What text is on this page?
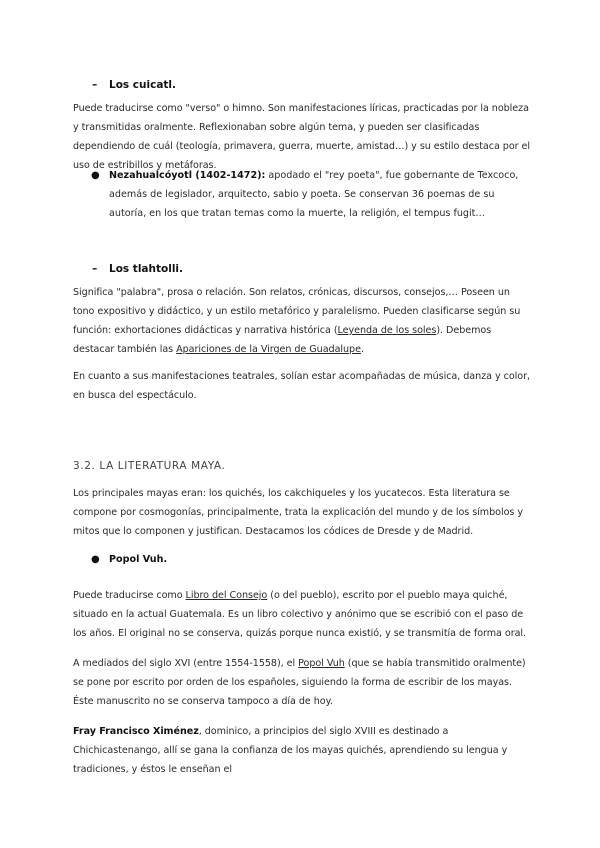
– Los cuicatl.
Puede traducirse como "verso" o himno. Son manifestaciones líricas, practicadas por la nobleza y transmitidas oralmente. Reflexionaban sobre algún tema, y pueden ser clasificadas dependiendo de cuál (teología, primavera, guerra, muerte, amistad…) y su estilo destaca por el uso de estribillos y metáforas.
● Nezahualcóyotl (1402-1472): apodado el "rey poeta", fue gobernante de Texcoco, además de legislador, arquitecto, sabio y poeta. Se conservan 36 poemas de su autoría, en los que tratan temas como la muerte, la religión, el tempus fugit…
– Los tlahtolli.
Significa "palabra", prosa o relación. Son relatos, crónicas, discursos, consejos,… Poseen un tono expositivo y didáctico, y un estilo metafórico y paralelismo. Pueden clasificarse según su función: exhortaciones didácticas y narrativa histórica (Leyenda de los soles). Debemos destacar también las Apariciones de la Virgen de Guadalupe.
En cuanto a sus manifestaciones teatrales, solían estar acompañadas de música, danza y color, en busca del espectáculo.
3.2. LA LITERATURA MAYA.
Los principales mayas eran: los quichés, los cakchiqueles y los yucatecos. Esta literatura se compone por cosmogonías, principalmente, trata la explicación del mundo y de los símbolos y mitos que lo componen y justifican. Destacamos los códices de Dresde y de Madrid.
● Popol Vuh.
Puede traducirse como Libro del Consejo (o del pueblo), escrito por el pueblo maya quiché, situado en la actual Guatemala. Es un libro colectivo y anónimo que se escribió con el paso de los años. El original no se conserva, quizás porque nunca existió, y se transmitía de forma oral.
A mediados del siglo XVI (entre 1554-1558), el Popol Vuh (que se había transmitido oralmente) se pone por escrito por orden de los españoles, siguiendo la forma de escribir de los mayas. Éste manuscrito no se conserva tampoco a día de hoy.
Fray Francisco Ximénez, dominico, a principios del siglo XVIII es destinado a Chichicastenango, allí se gana la confianza de los mayas quichés, aprendiendo su lengua y tradiciones, y éstos le enseñan el
